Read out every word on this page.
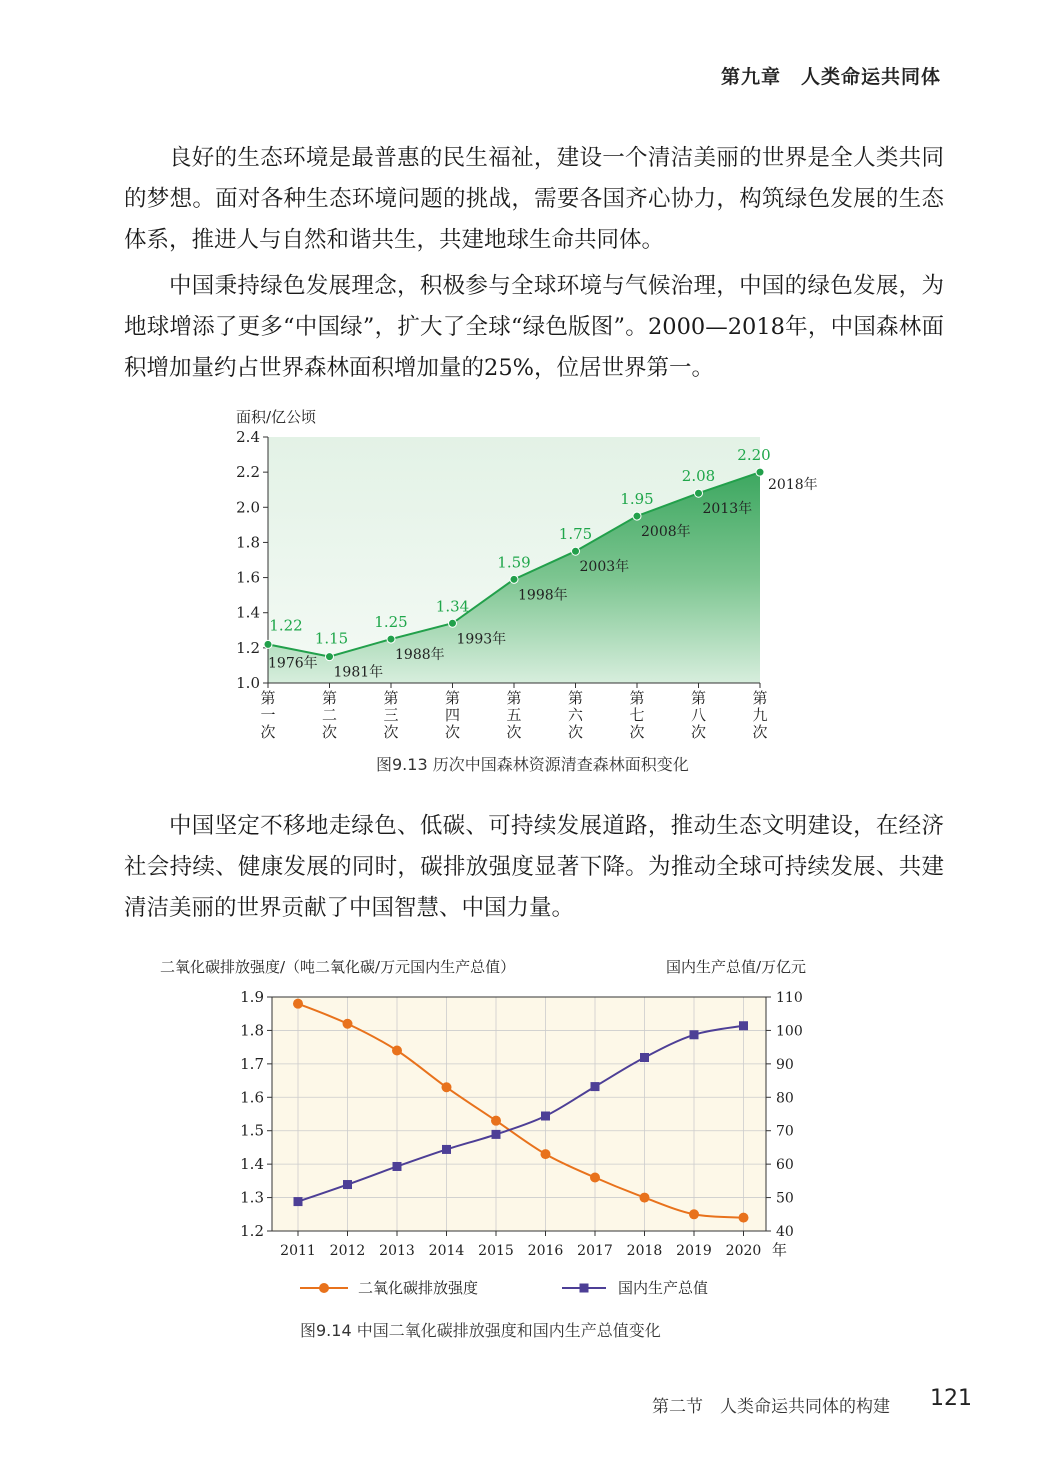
第九章　人类命运共同体
良好的生态环境是最普惠的民生福祉，建设一个清洁美丽的世界是全人类共同的梦想。面对各种生态环境问题的挑战，需要各国齐心协力，构筑绿色发展的生态体系，推进人与自然和谐共生，共建地球生命共同体。
中国秉持绿色发展理念，积极参与全球环境与气候治理，中国的绿色发展，为地球增添了更多“中国绿”，扩大了全球“绿色版图”。2000—2018年，中国森林面积增加量约占世界森林面积增加量的25%，位居世界第一。
面积/亿公顷
1.0
1.2
1.4
1.6
1.8
2.0
2.2
2.4
1.22
1976年
第
一
次
1.15
1981年
第
二
次
1.25
1988年
第
三
次
1.34
1993年
第
四
次
1.59
1998年
第
五
次
1.75
2003年
第
六
次
1.95
2008年
第
七
次
2.08
2013年
第
八
次
2.20
2018年
第
九
次
图9.13 历次中国森林资源清查森林面积变化
中国坚定不移地走绿色、低碳、可持续发展道路，推动生态文明建设，在经济社会持续、健康发展的同时，碳排放强度显著下降。为推动全球可持续发展、共建清洁美丽的世界贡献了中国智慧、中国力量。
二氧化碳排放强度/（吨二氧化碳/万元国内生产总值）	国内生产总值/万亿元
1.2
1.3
1.4
1.5
1.6
1.7
1.8
1.9
40
50
60
70
80
90
100
110
2011 2012 2013 2014 2015 2016 2017 2018 2019 2020 年
二氧化碳排放强度	国内生产总值
图9.14 中国二氧化碳排放强度和国内生产总值变化
第二节　人类命运共同体的构建 121
